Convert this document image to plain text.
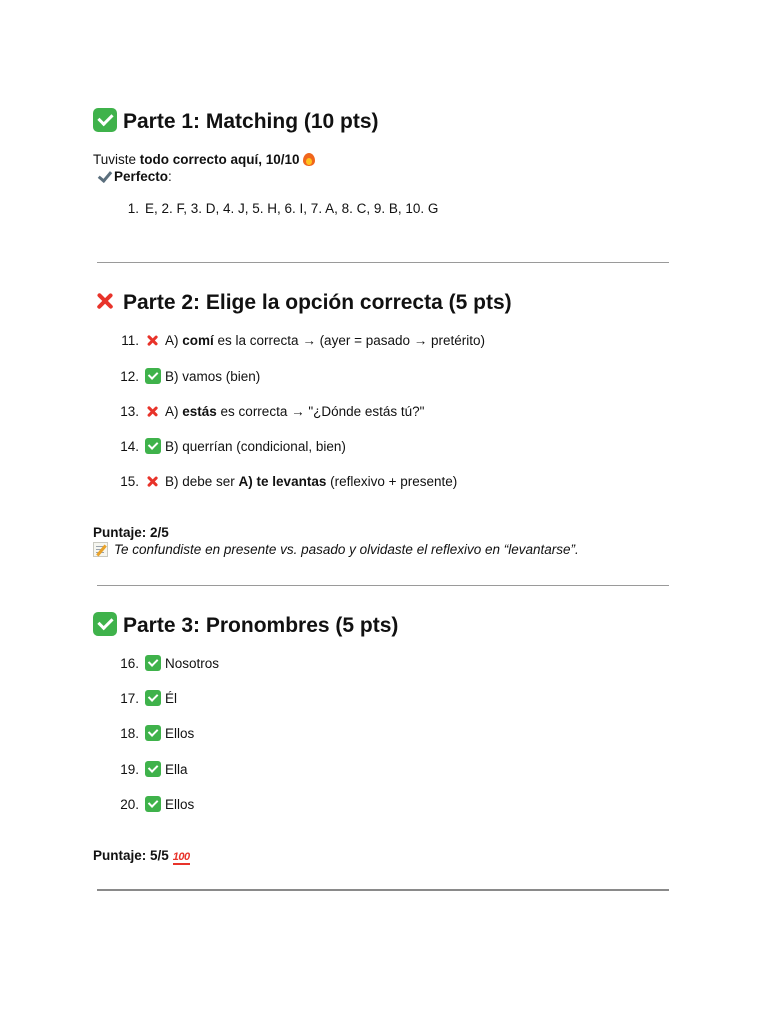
Parte 1: Matching (10 pts)
Tuviste todo correcto aquí, 10/10
Perfecto:
1. E, 2. F, 3. D, 4. J, 5. H, 6. I, 7. A, 8. C, 9. B, 10. G
Parte 2: Elige la opción correcta (5 pts)
11. A) comí es la correcta → (ayer = pasado → pretérito)
12. B) vamos (bien)
13. A) estás es correcta → "¿Dónde estás tú?"
14. B) querrían (condicional, bien)
15. B) debe ser A) te levantas (reflexivo + presente)
Puntaje: 2/5
Te confundiste en presente vs. pasado y olvidaste el reflexivo en “levantarse”.
Parte 3: Pronombres (5 pts)
16. Nosotros
17. Él
18. Ellos
19. Ella
20. Ellos
Puntaje: 5/5 100
